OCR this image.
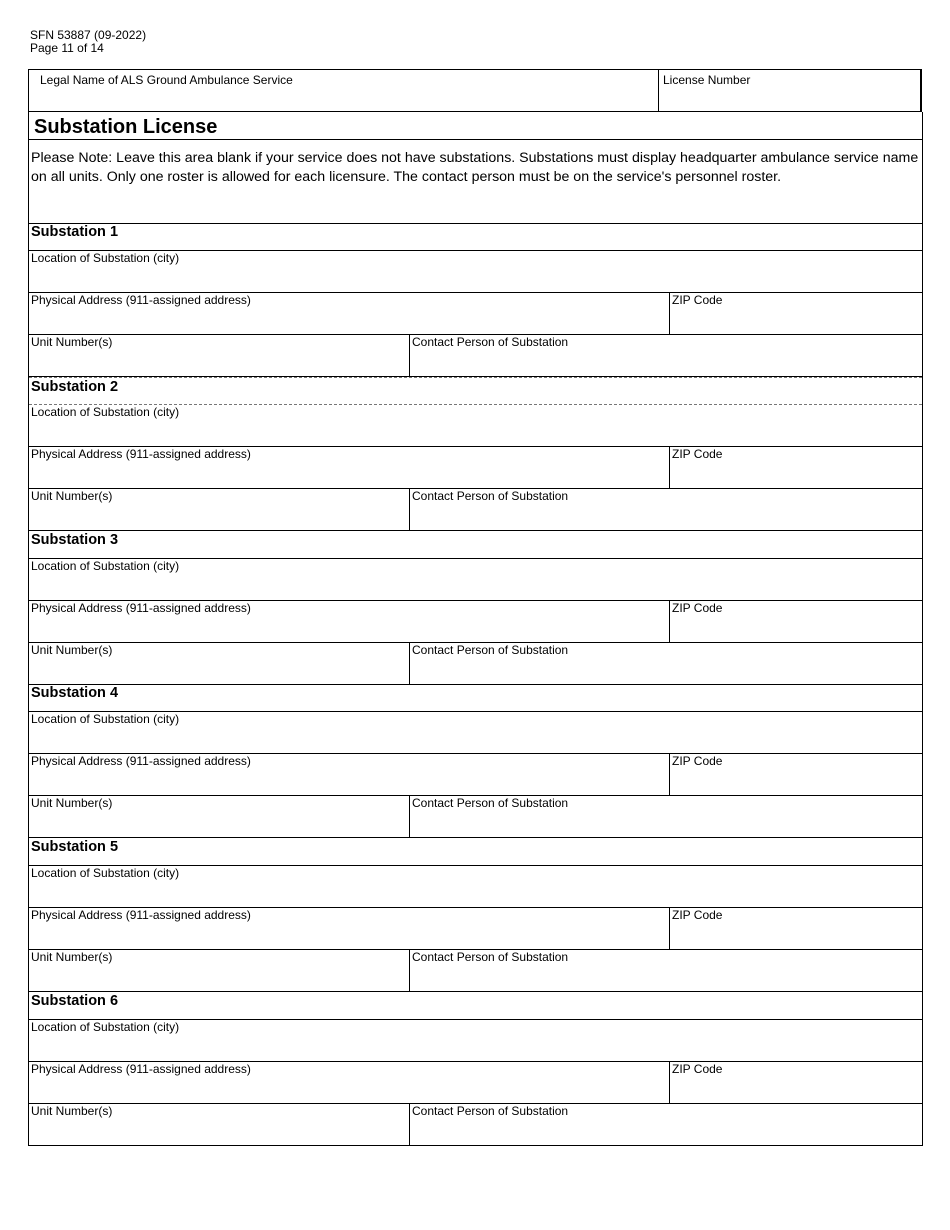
SFN 53887 (09-2022)
Page 11 of 14
Legal Name of ALS Ground Ambulance Service	License Number
Substation License

Please Note: Leave this area blank if your service does not have substations. Substations must display headquarter ambulance service name on all units. Only one roster is allowed for each licensure. The contact person must be on the service's personnel roster.

Substation 1
Location of Substation (city)
Physical Address (911-assigned address)	ZIP Code
Unit Number(s)	Contact Person of Substation
Substation 2
Location of Substation (city)
Physical Address (911-assigned address)	ZIP Code
Unit Number(s)	Contact Person of Substation
Substation 3
Location of Substation (city)
Physical Address (911-assigned address)	ZIP Code
Unit Number(s)	Contact Person of Substation
Substation 4
Location of Substation (city)
Physical Address (911-assigned address)	ZIP Code
Unit Number(s)	Contact Person of Substation
Substation 5
Location of Substation (city)
Physical Address (911-assigned address)	ZIP Code
Unit Number(s)	Contact Person of Substation
Substation 6
Location of Substation (city)
Physical Address (911-assigned address)	ZIP Code
Unit Number(s)	Contact Person of Substation
